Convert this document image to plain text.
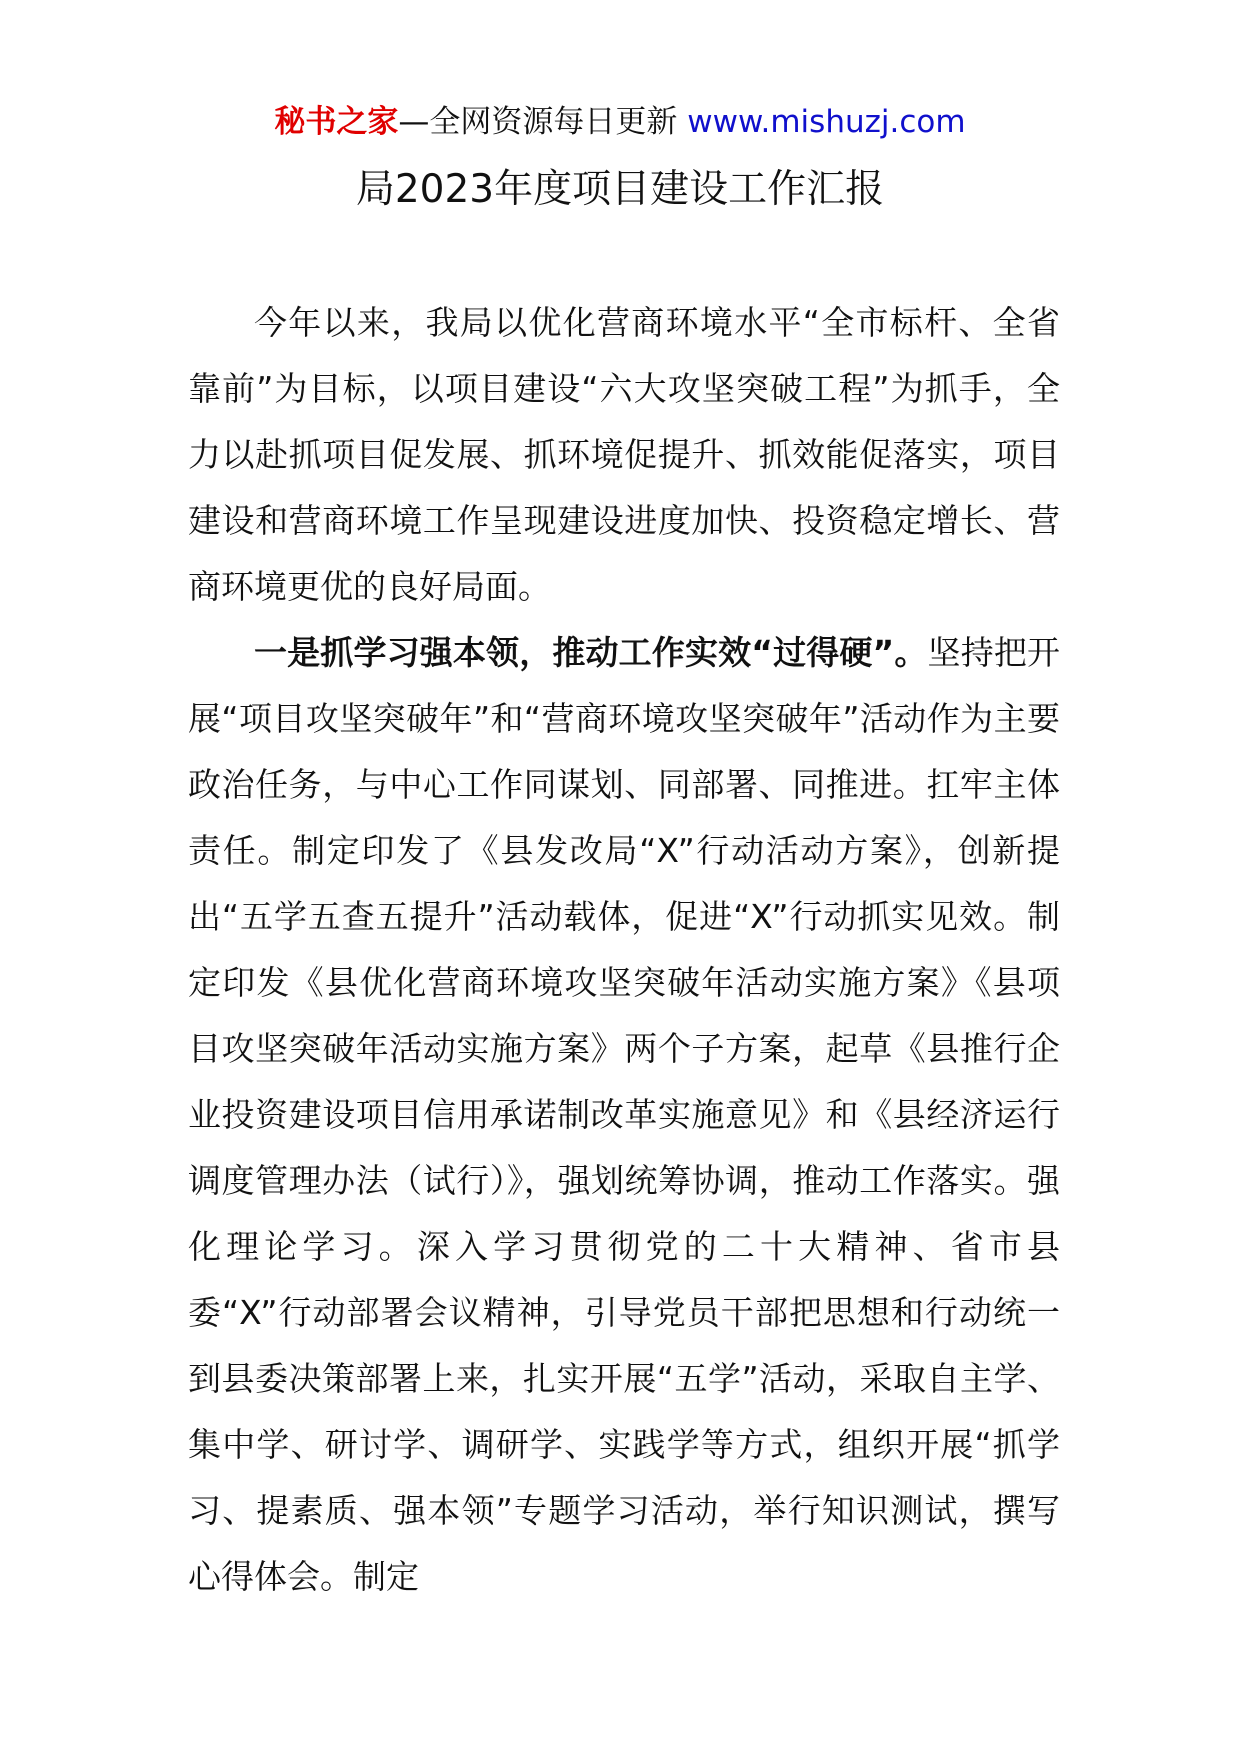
秘书之家—全网资源每日更新 www.mishuzj.com
局2023年度项目建设工作汇报

今年以来，我局以优化营商环境水平“全市标杆、全省靠前”为目标，以项目建设“六大攻坚突破工程”为抓手，全力以赴抓项目促发展、抓环境促提升、抓效能促落实，项目建设和营商环境工作呈现建设进度加快、投资稳定增长、营商环境更优的良好局面。

一是抓学习强本领，推动工作实效“过得硬”。坚持把开展“项目攻坚突破年”和“营商环境攻坚突破年”活动作为主要政治任务，与中心工作同谋划、同部署、同推进。扛牢主体责任。制定印发了《县发改局“X”行动活动方案》，创新提出“五学五查五提升”活动载体，促进“X”行动抓实见效。制定印发《县优化营商环境攻坚突破年活动实施方案》《县项目攻坚突破年活动实施方案》两个子方案，起草《县推行企业投资建设项目信用承诺制改革实施意见》和《县经济运行调度管理办法（试行）》，强划统筹协调，推动工作落实。强化理论学习。深入学习贯彻党的二十大精神、省市县委“X”行动部署会议精神，引导党员干部把思想和行动统一到县委决策部署上来，扎实开展“五学”活动，采取自主学、集中学、研讨学、调研学、实践学等方式，组织开展“抓学习、提素质、强本领”专题学习活动，举行知识测试，撰写心得体会。制定
